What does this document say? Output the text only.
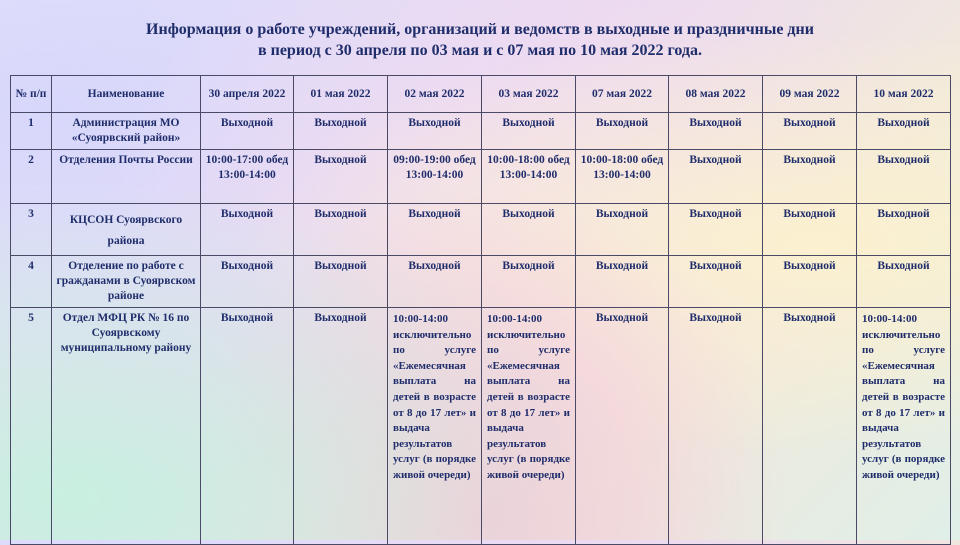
Информация о работе учреждений, организаций и ведомств в выходные и праздничные дни
в период с 30 апреля по 03 мая и с 07 мая по 10 мая 2022 года.
№ п/п	Наименование	30 апреля 2022	01 мая 2022	02 мая 2022	03 мая 2022	07 мая 2022	08 мая 2022	09 мая 2022	10 мая 2022
1	Администрация МО «Суоярвский район»	Выходной	Выходной	Выходной	Выходной	Выходной	Выходной	Выходной	Выходной
2	Отделения Почты России	10:00-17:00 обед 13:00-14:00	Выходной	09:00-19:00 обед 13:00-14:00	10:00-18:00 обед 13:00-14:00	10:00-18:00 обед 13:00-14:00	Выходной	Выходной	Выходной
3	КЦСОН Суоярвского района	Выходной	Выходной	Выходной	Выходной	Выходной	Выходной	Выходной	Выходной
4	Отделение по работе с гражданами в Суоярвском районе	Выходной	Выходной	Выходной	Выходной	Выходной	Выходной	Выходной	Выходной
5	Отдел МФЦ РК № 16 по Суоярвскому муниципальному району	Выходной	Выходной	10:00-14:00 исключительно по услуге «Ежемесячная выплата на детей в возрасте от 8 до 17 лет» и выдача результатов услуг (в порядке живой очереди)	10:00-14:00 исключительно по услуге «Ежемесячная выплата на детей в возрасте от 8 до 17 лет» и выдача результатов услуг (в порядке живой очереди)	Выходной	Выходной	Выходной	10:00-14:00 исключительно по услуге «Ежемесячная выплата на детей в возрасте от 8 до 17 лет» и выдача результатов услуг (в порядке живой очереди)
